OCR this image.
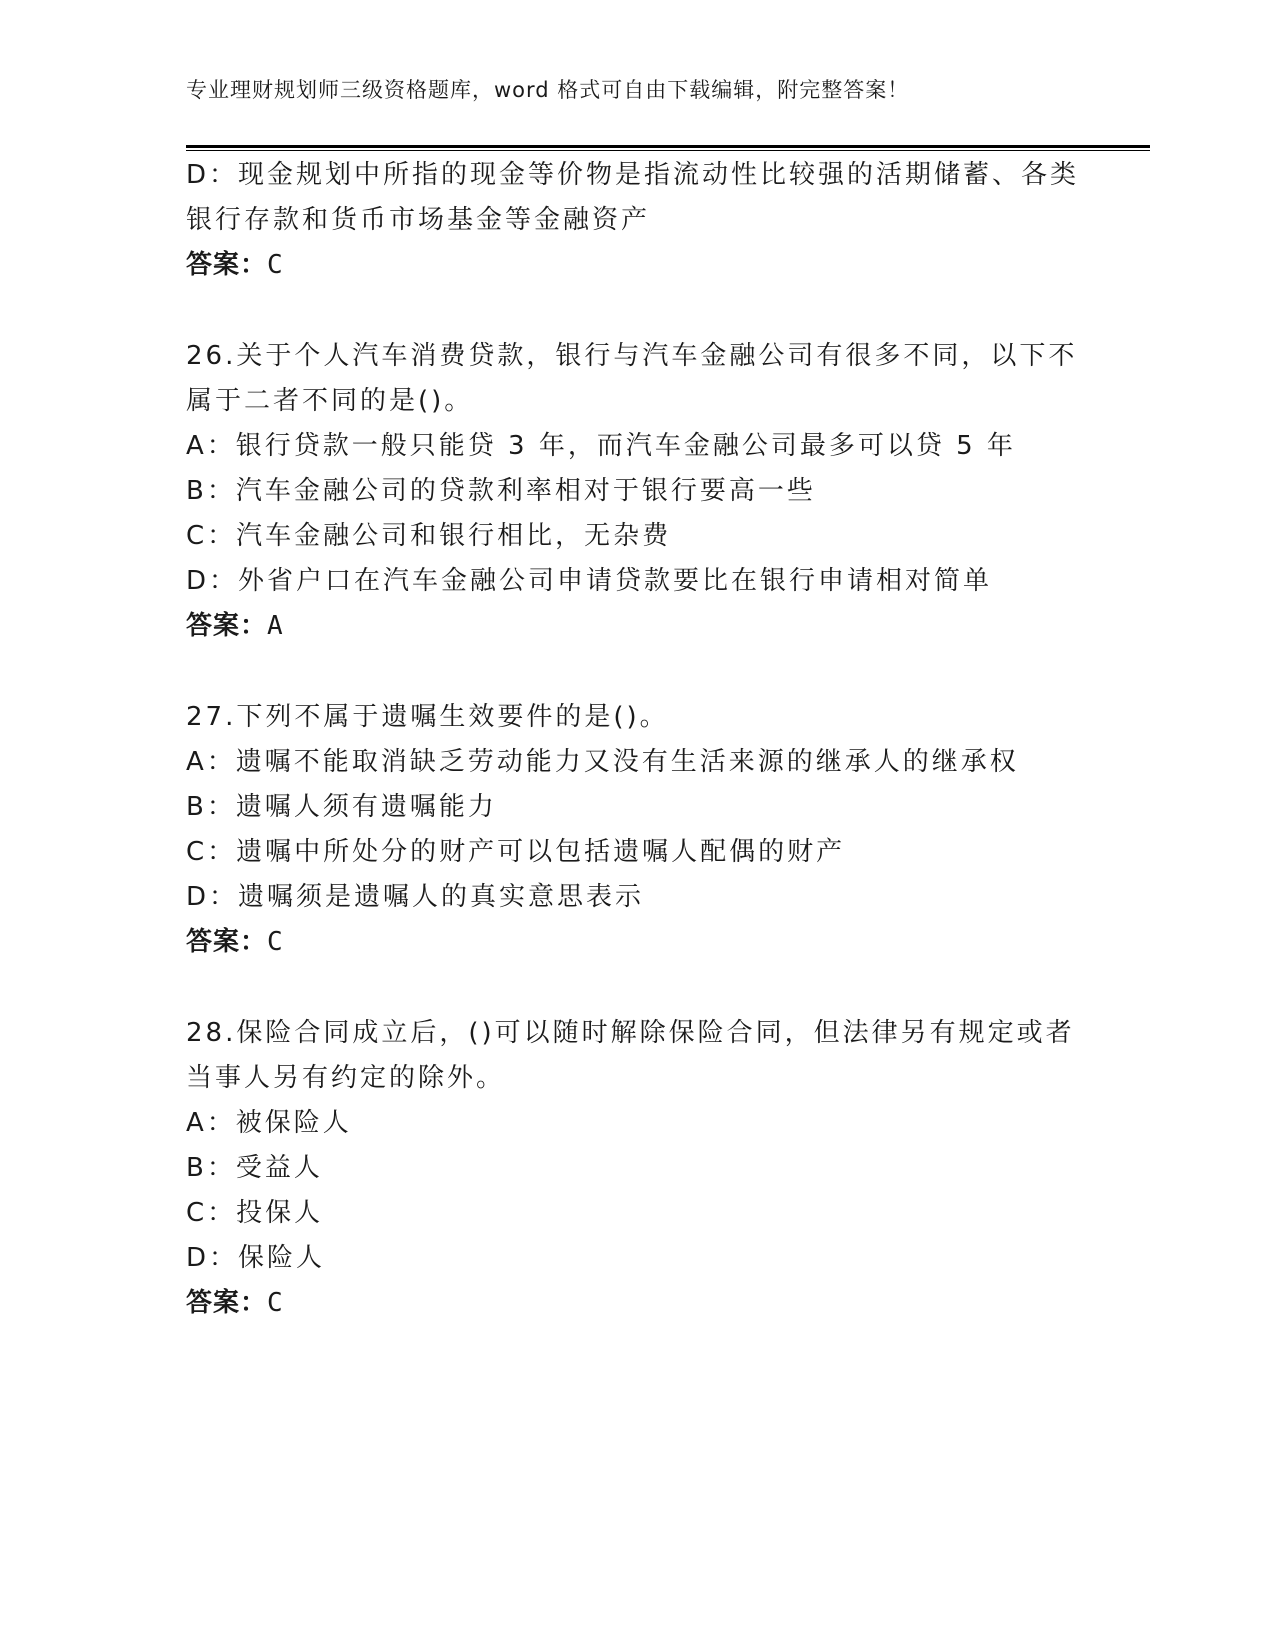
专业理财规划师三级资格题库，word 格式可自由下载编辑，附完整答案！
D：现金规划中所指的现金等价物是指流动性比较强的活期储蓄、各类
银行存款和货币市场基金等金融资产
答案：C
26.关于个人汽车消费贷款，银行与汽车金融公司有很多不同，以下不
属于二者不同的是()。
A：银行贷款一般只能贷 3 年，而汽车金融公司最多可以贷 5 年
B：汽车金融公司的贷款利率相对于银行要高一些
C：汽车金融公司和银行相比，无杂费
D：外省户口在汽车金融公司申请贷款要比在银行申请相对简单
答案：A
27.下列不属于遗嘱生效要件的是()。
A：遗嘱不能取消缺乏劳动能力又没有生活来源的继承人的继承权
B：遗嘱人须有遗嘱能力
C：遗嘱中所处分的财产可以包括遗嘱人配偶的财产
D：遗嘱须是遗嘱人的真实意思表示
答案：C
28.保险合同成立后，()可以随时解除保险合同，但法律另有规定或者
当事人另有约定的除外。
A：被保险人
B：受益人
C：投保人
D：保险人
答案：C
